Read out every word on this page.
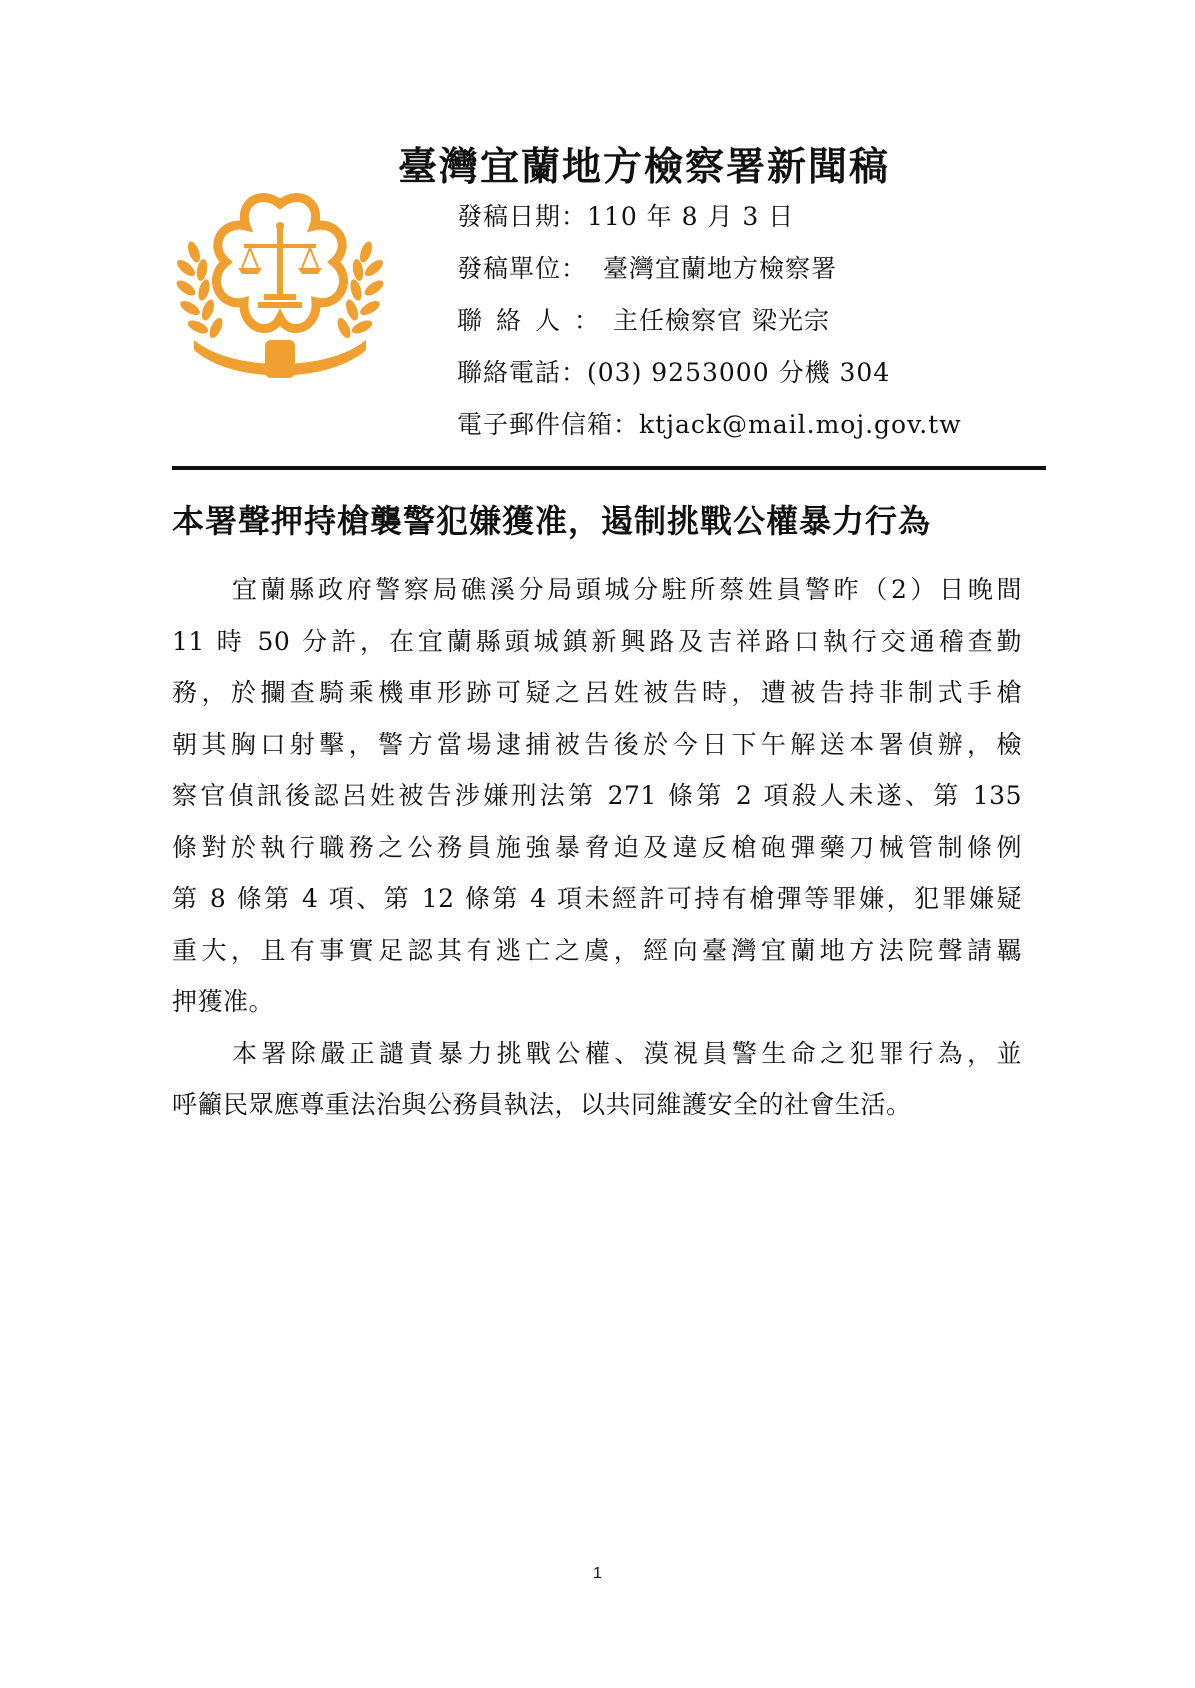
臺灣宜蘭地方檢察署新聞稿
發稿日期：110 年 8 月 3 日
發稿單位： 臺灣宜蘭地方檢察署
聯絡人：主任檢察官 梁光宗
聯絡電話：(03) 9253000 分機 304
電子郵件信箱：ktjack@mail.moj.gov.tw
本署聲押持槍襲警犯嫌獲准，遏制挑戰公權暴力行為
宜蘭縣政府警察局礁溪分局頭城分駐所蔡姓員警昨（2）日晚間
11 時 50 分許，在宜蘭縣頭城鎮新興路及吉祥路口執行交通稽查勤
務，於攔查騎乘機車形跡可疑之呂姓被告時，遭被告持非制式手槍
朝其胸口射擊，警方當場逮捕被告後於今日下午解送本署偵辦，檢
察官偵訊後認呂姓被告涉嫌刑法第 271 條第 2 項殺人未遂、第 135
條對於執行職務之公務員施強暴脅迫及違反槍砲彈藥刀械管制條例
第 8 條第 4 項、第 12 條第 4 項未經許可持有槍彈等罪嫌，犯罪嫌疑
重大，且有事實足認其有逃亡之虞，經向臺灣宜蘭地方法院聲請羈
押獲准。
本署除嚴正譴責暴力挑戰公權、漠視員警生命之犯罪行為，並
呼籲民眾應尊重法治與公務員執法，以共同維護安全的社會生活。
1
